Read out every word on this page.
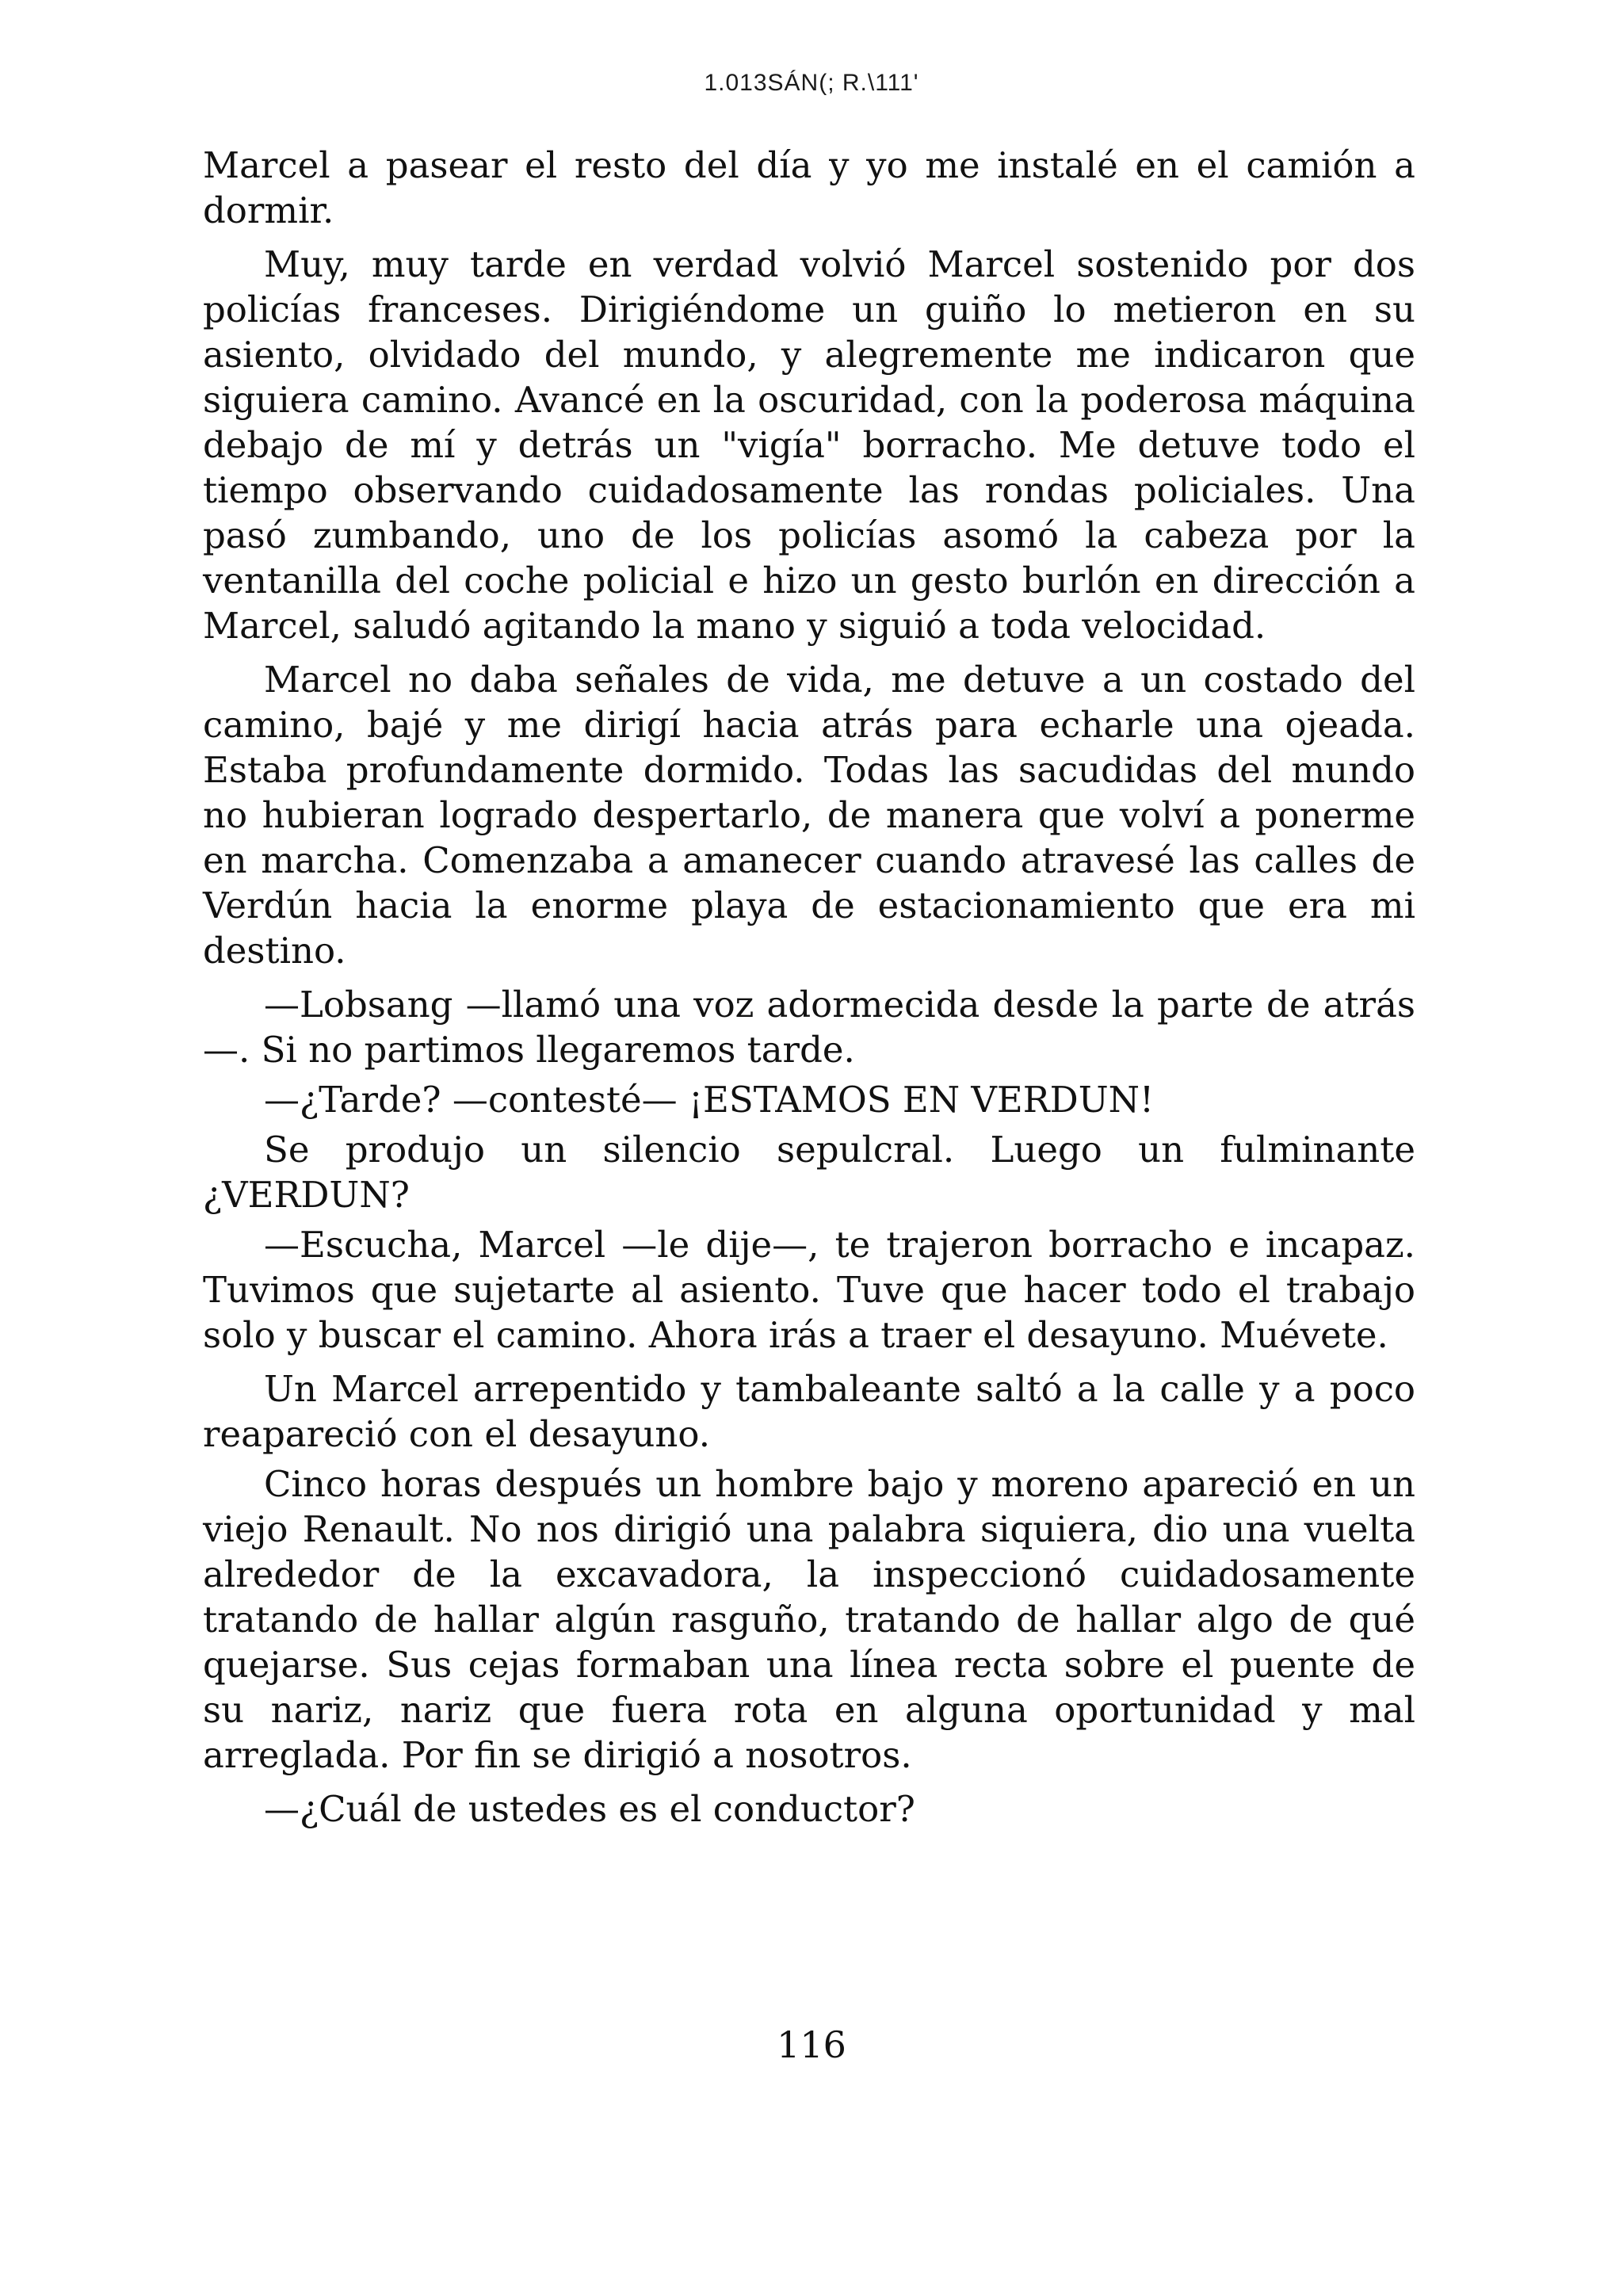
1.013SÁN(; R.\111'

Marcel a pasear el resto del día y yo me instalé en el camión a dormir.

Muy, muy tarde en verdad volvió Marcel sostenido por dos policías franceses. Dirigiéndome un guiño lo metieron en su asiento, olvidado del mundo, y alegremente me indicaron que siguiera camino. Avancé en la oscuridad, con la poderosa máquina debajo de mí y detrás un "vigía" borracho. Me detuve todo el tiempo observando cuidadosamente las rondas policiales. Una pasó zumbando, uno de los policías asomó la cabeza por la ventanilla del coche policial e hizo un gesto burlón en dirección a Marcel, saludó agitando la mano y siguió a toda velocidad.

Marcel no daba señales de vida, me detuve a un costado del camino, bajé y me dirigí hacia atrás para echarle una ojeada. Estaba profundamente dormido. Todas las sacudidas del mundo no hubieran logrado despertarlo, de manera que volví a ponerme en marcha. Comenzaba a amanecer cuando atravesé las calles de Verdún hacia la enorme playa de estacionamiento que era mi destino.

—Lobsang —llamó una voz adormecida desde la parte de atrás—. Si no partimos llegaremos tarde.

—¿Tarde? —contesté— ¡ESTAMOS EN VERDUN!

Se produjo un silencio sepulcral. Luego un fulminante ¿VERDUN?

—Escucha, Marcel —le dije—, te trajeron borracho e incapaz. Tuvimos que sujetarte al asiento. Tuve que hacer todo el trabajo solo y buscar el camino. Ahora irás a traer el desayuno. Muévete.

Un Marcel arrepentido y tambaleante saltó a la calle y a poco reapareció con el desayuno.

Cinco horas después un hombre bajo y moreno apareció en un viejo Renault. No nos dirigió una palabra siquiera, dio una vuelta alrededor de la excavadora, la inspeccionó cuidadosamente tratando de hallar algún rasguño, tratando de hallar algo de qué quejarse. Sus cejas formaban una línea recta sobre el puente de su nariz, nariz que fuera rota en alguna oportunidad y mal arreglada. Por fin se dirigió a nosotros.

—¿Cuál de ustedes es el conductor?

116
